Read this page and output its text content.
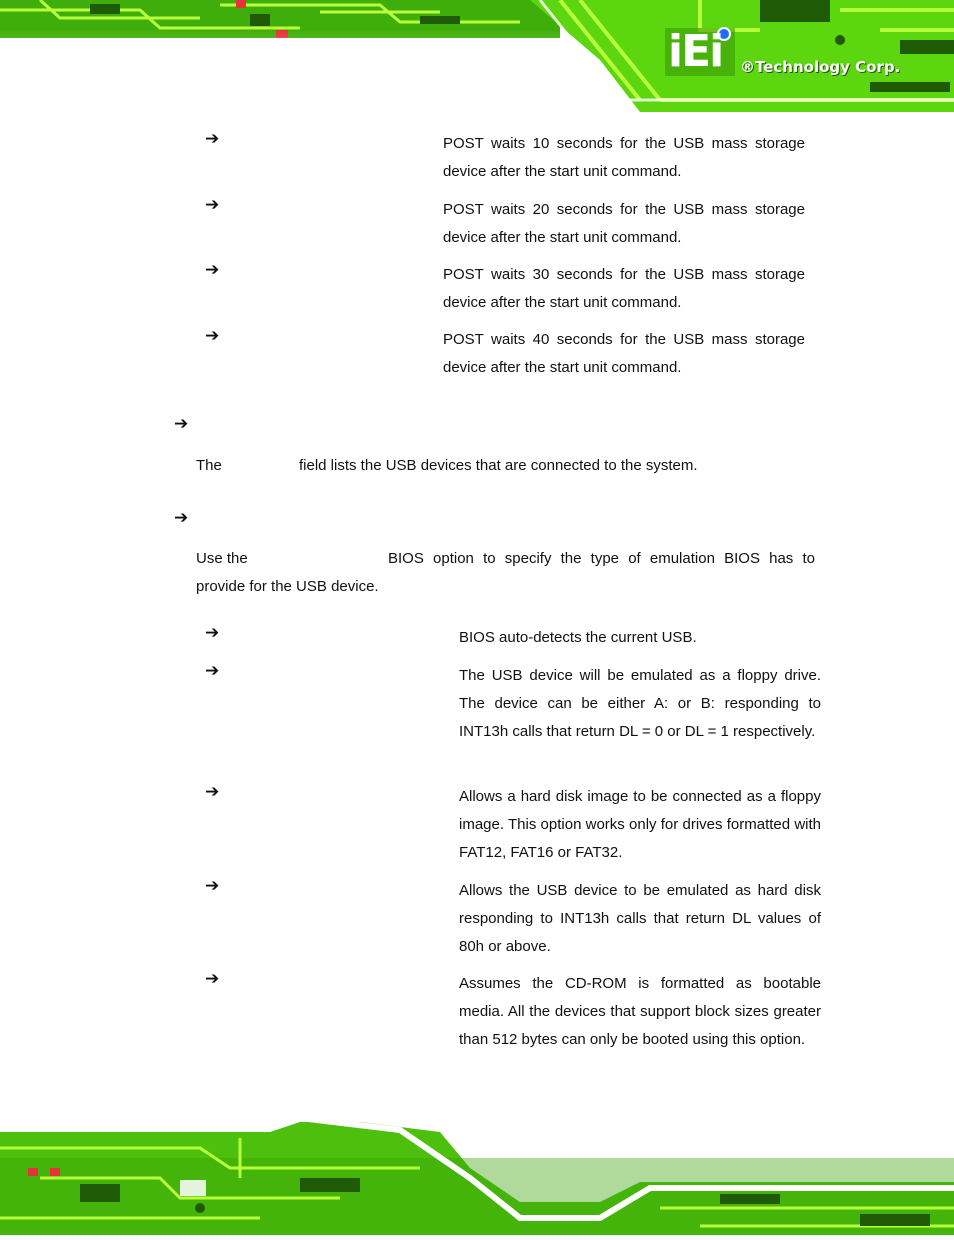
iEi ®Technology Corp.
➔	POST waits 10 seconds for the USB mass storage device after the start unit command.
➔	POST waits 20 seconds for the USB mass storage device after the start unit command.
➔	POST waits 30 seconds for the USB mass storage device after the start unit command.
➔	POST waits 40 seconds for the USB mass storage device after the start unit command.
➔
The	field lists the USB devices that are connected to the system.
➔
Use the	BIOS option to specify the type of emulation BIOS has to provide for the USB device.
➔	BIOS auto-detects the current USB.
➔	The USB device will be emulated as a floppy drive. The device can be either A: or B: responding to INT13h calls that return DL = 0 or DL = 1 respectively.
➔	Allows a hard disk image to be connected as a floppy image. This option works only for drives formatted with FAT12, FAT16 or FAT32.
➔	Allows the USB device to be emulated as hard disk responding to INT13h calls that return DL values of 80h or above.
➔	Assumes the CD-ROM is formatted as bootable media. All the devices that support block sizes greater than 512 bytes can only be booted using this option.
